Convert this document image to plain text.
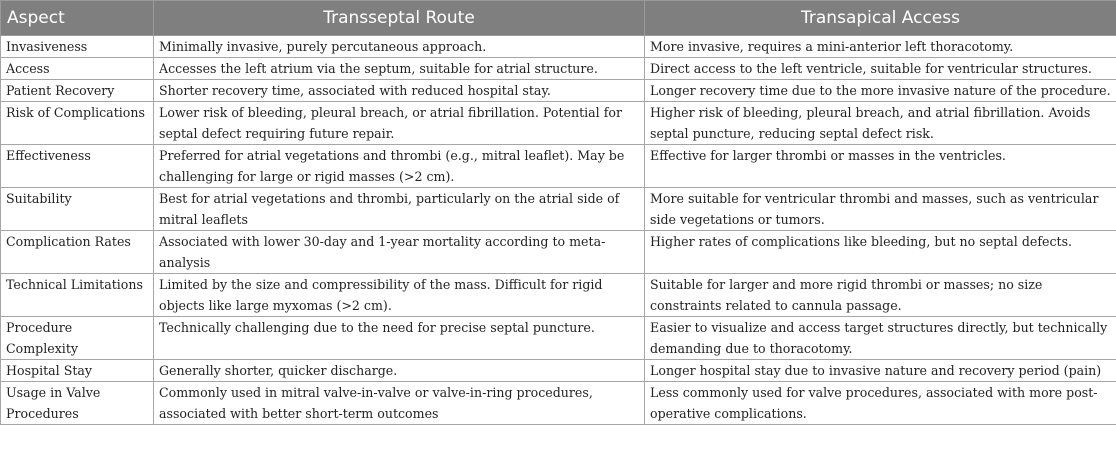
Aspect	Transseptal Route	Transapical Access
Invasiveness	Minimally invasive, purely percutaneous approach.	More invasive, requires a mini-anterior left thoracotomy.
Access	Accesses the left atrium via the septum, suitable for atrial structure.	Direct access to the left ventricle, suitable for ventricular structures.
Patient Recovery	Shorter recovery time, associated with reduced hospital stay.	Longer recovery time due to the more invasive nature of the procedure.
Risk of Complications	Lower risk of bleeding, pleural breach, or atrial fibrillation. Potential for septal defect requiring future repair.	Higher risk of bleeding, pleural breach, and atrial fibrillation. Avoids septal puncture, reducing septal defect risk.
Effectiveness	Preferred for atrial vegetations and thrombi (e.g., mitral leaflet). May be challenging for large or rigid masses (>2 cm).	Effective for larger thrombi or masses in the ventricles.
Suitability	Best for atrial vegetations and thrombi, particularly on the atrial side of mitral leaflets	More suitable for ventricular thrombi and masses, such as ventricular side vegetations or tumors.
Complication Rates	Associated with lower 30-day and 1-year mortality according to meta-analysis	Higher rates of complications like bleeding, but no septal defects.
Technical Limitations	Limited by the size and compressibility of the mass. Difficult for rigid objects like large myxomas (>2 cm).	Suitable for larger and more rigid thrombi or masses; no size constraints related to cannula passage.
Procedure Complexity	Technically challenging due to the need for precise septal puncture.	Easier to visualize and access target structures directly, but technically demanding due to thoracotomy.
Hospital Stay	Generally shorter, quicker discharge.	Longer hospital stay due to invasive nature and recovery period (pain)
Usage in Valve Procedures	Commonly used in mitral valve-in-valve or valve-in-ring procedures, associated with better short-term outcomes	Less commonly used for valve procedures, associated with more post-operative complications.
